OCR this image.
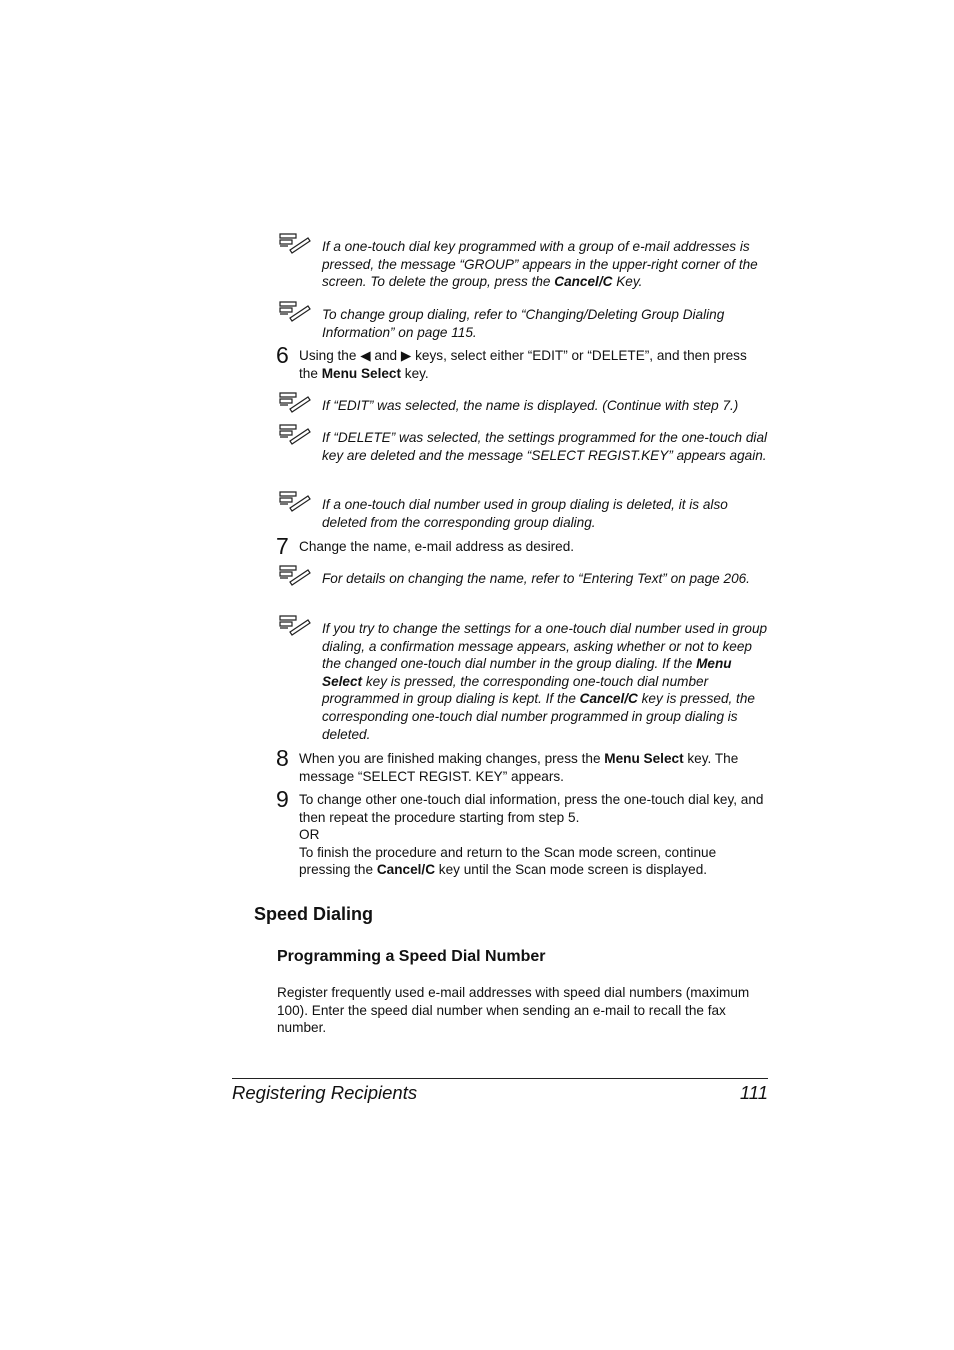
If a one-touch dial key programmed with a group of e-mail addresses is pressed, the message “GROUP” appears in the upper-right corner of the screen. To delete the group, press the Cancel/C Key.
To change group dialing, refer to “Changing/Deleting Group Dialing Information” on page 115.
6 Using the ◀ and ▶ keys, select either “EDIT” or “DELETE”, and then press the Menu Select key.
If “EDIT” was selected, the name is displayed. (Continue with step 7.)
If “DELETE” was selected, the settings programmed for the one-touch dial key are deleted and the message “SELECT REGIST.KEY” appears again.
If a one-touch dial number used in group dialing is deleted, it is also deleted from the corresponding group dialing.
7 Change the name, e-mail address as desired.
For details on changing the name, refer to “Entering Text” on page 206.
If you try to change the settings for a one-touch dial number used in group dialing, a confirmation message appears, asking whether or not to keep the changed one-touch dial number in the group dialing. If the Menu Select key is pressed, the corresponding one-touch dial number programmed in group dialing is kept. If the Cancel/C key is pressed, the corresponding one-touch dial number programmed in group dialing is deleted.
8 When you are finished making changes, press the Menu Select key. The message “SELECT REGIST. KEY” appears.
9 To change other one-touch dial information, press the one-touch dial key, and then repeat the procedure starting from step 5.
OR
To finish the procedure and return to the Scan mode screen, continue pressing the Cancel/C key until the Scan mode screen is displayed.
Speed Dialing
Programming a Speed Dial Number
Register frequently used e-mail addresses with speed dial numbers (maximum 100). Enter the speed dial number when sending an e-mail to recall the fax number.
Registering Recipients	111
